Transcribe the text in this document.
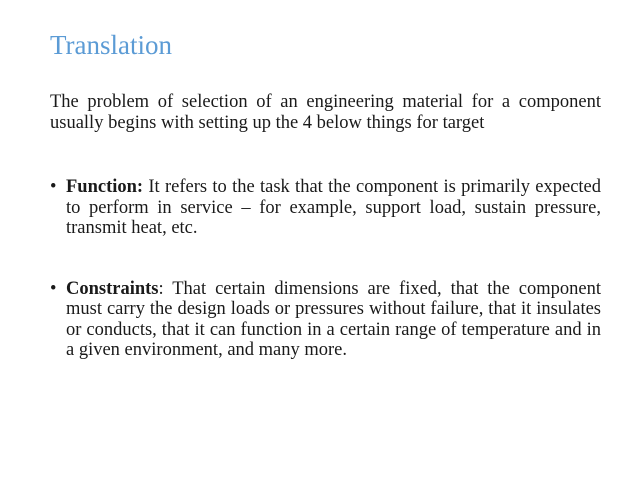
Translation

The problem of selection of an engineering material for a component usually begins with setting up the 4 below things for target

• Function: It refers to the task that the component is primarily expected to perform in service – for example, support load, sustain pressure, transmit heat, etc.

• Constraints: That certain dimensions are fixed, that the component must carry the design loads or pressures without failure, that it insulates or conducts, that it can function in a certain range of temperature and in a given environment, and many more.
